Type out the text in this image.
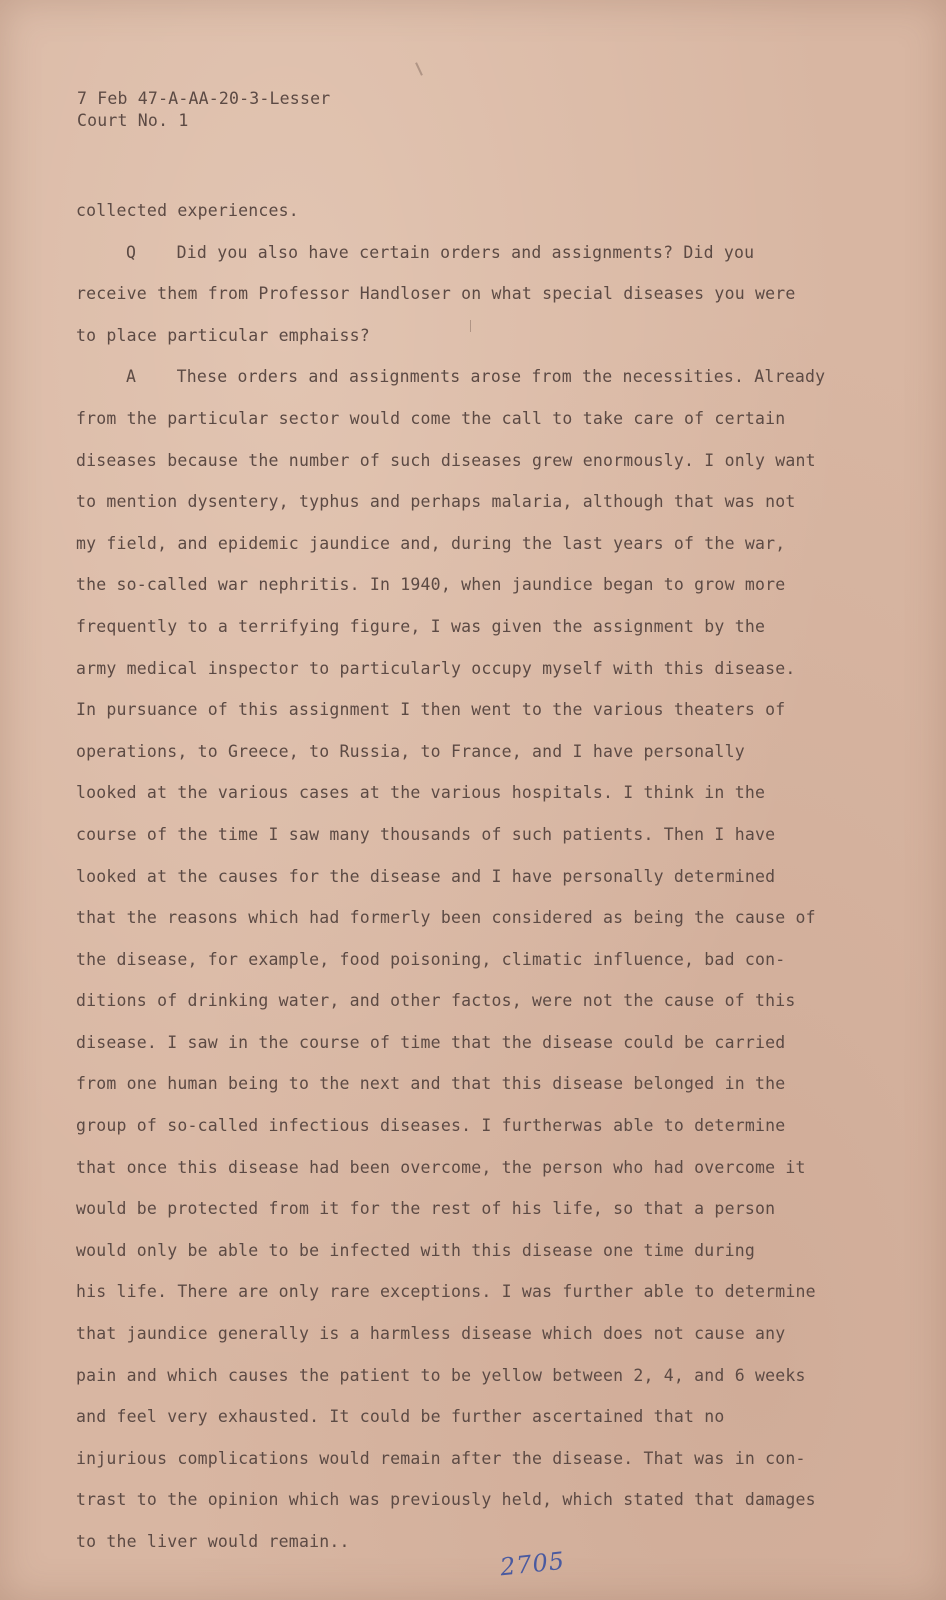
7 Feb 47-A-AA-20-3-Lesser
Court No. 1
collected experiences.
Q    Did you also have certain orders and assignments? Did you
receive them from Professor Handloser on what special diseases you were
to place particular emphaiss?
A    These orders and assignments arose from the necessities. Already
from the particular sector would come the call to take care of certain
diseases because the number of such diseases grew enormously. I only want
to mention dysentery, typhus and perhaps malaria, although that was not
my field, and epidemic jaundice and, during the last years of the war,
the so-called war nephritis. In 1940, when jaundice began to grow more
frequently to a terrifying figure, I was given the assignment by the
army medical inspector to particularly occupy myself with this disease.
In pursuance of this assignment I then went to the various theaters of
operations, to Greece, to Russia, to France, and I have personally
looked at the various cases at the various hospitals. I think in the
course of the time I saw many thousands of such patients. Then I have
looked at the causes for the disease and I have personally determined
that the reasons which had formerly been considered as being the cause of
the disease, for example, food poisoning, climatic influence, bad con-
ditions of drinking water, and other factos, were not the cause of this
disease. I saw in the course of time that the disease could be carried
from one human being to the next and that this disease belonged in the
group of so-called infectious diseases. I furtherwas able to determine
that once this disease had been overcome, the person who had overcome it
would be protected from it for the rest of his life, so that a person
would only be able to be infected with this disease one time during
his life. There are only rare exceptions. I was further able to determine
that jaundice generally is a harmless disease which does not cause any
pain and which causes the patient to be yellow between 2, 4, and 6 weeks
and feel very exhausted. It could be further ascertained that no
injurious complications would remain after the disease. That was in con-
trast to the opinion which was previously held, which stated that damages
to the liver would remain..
2705
